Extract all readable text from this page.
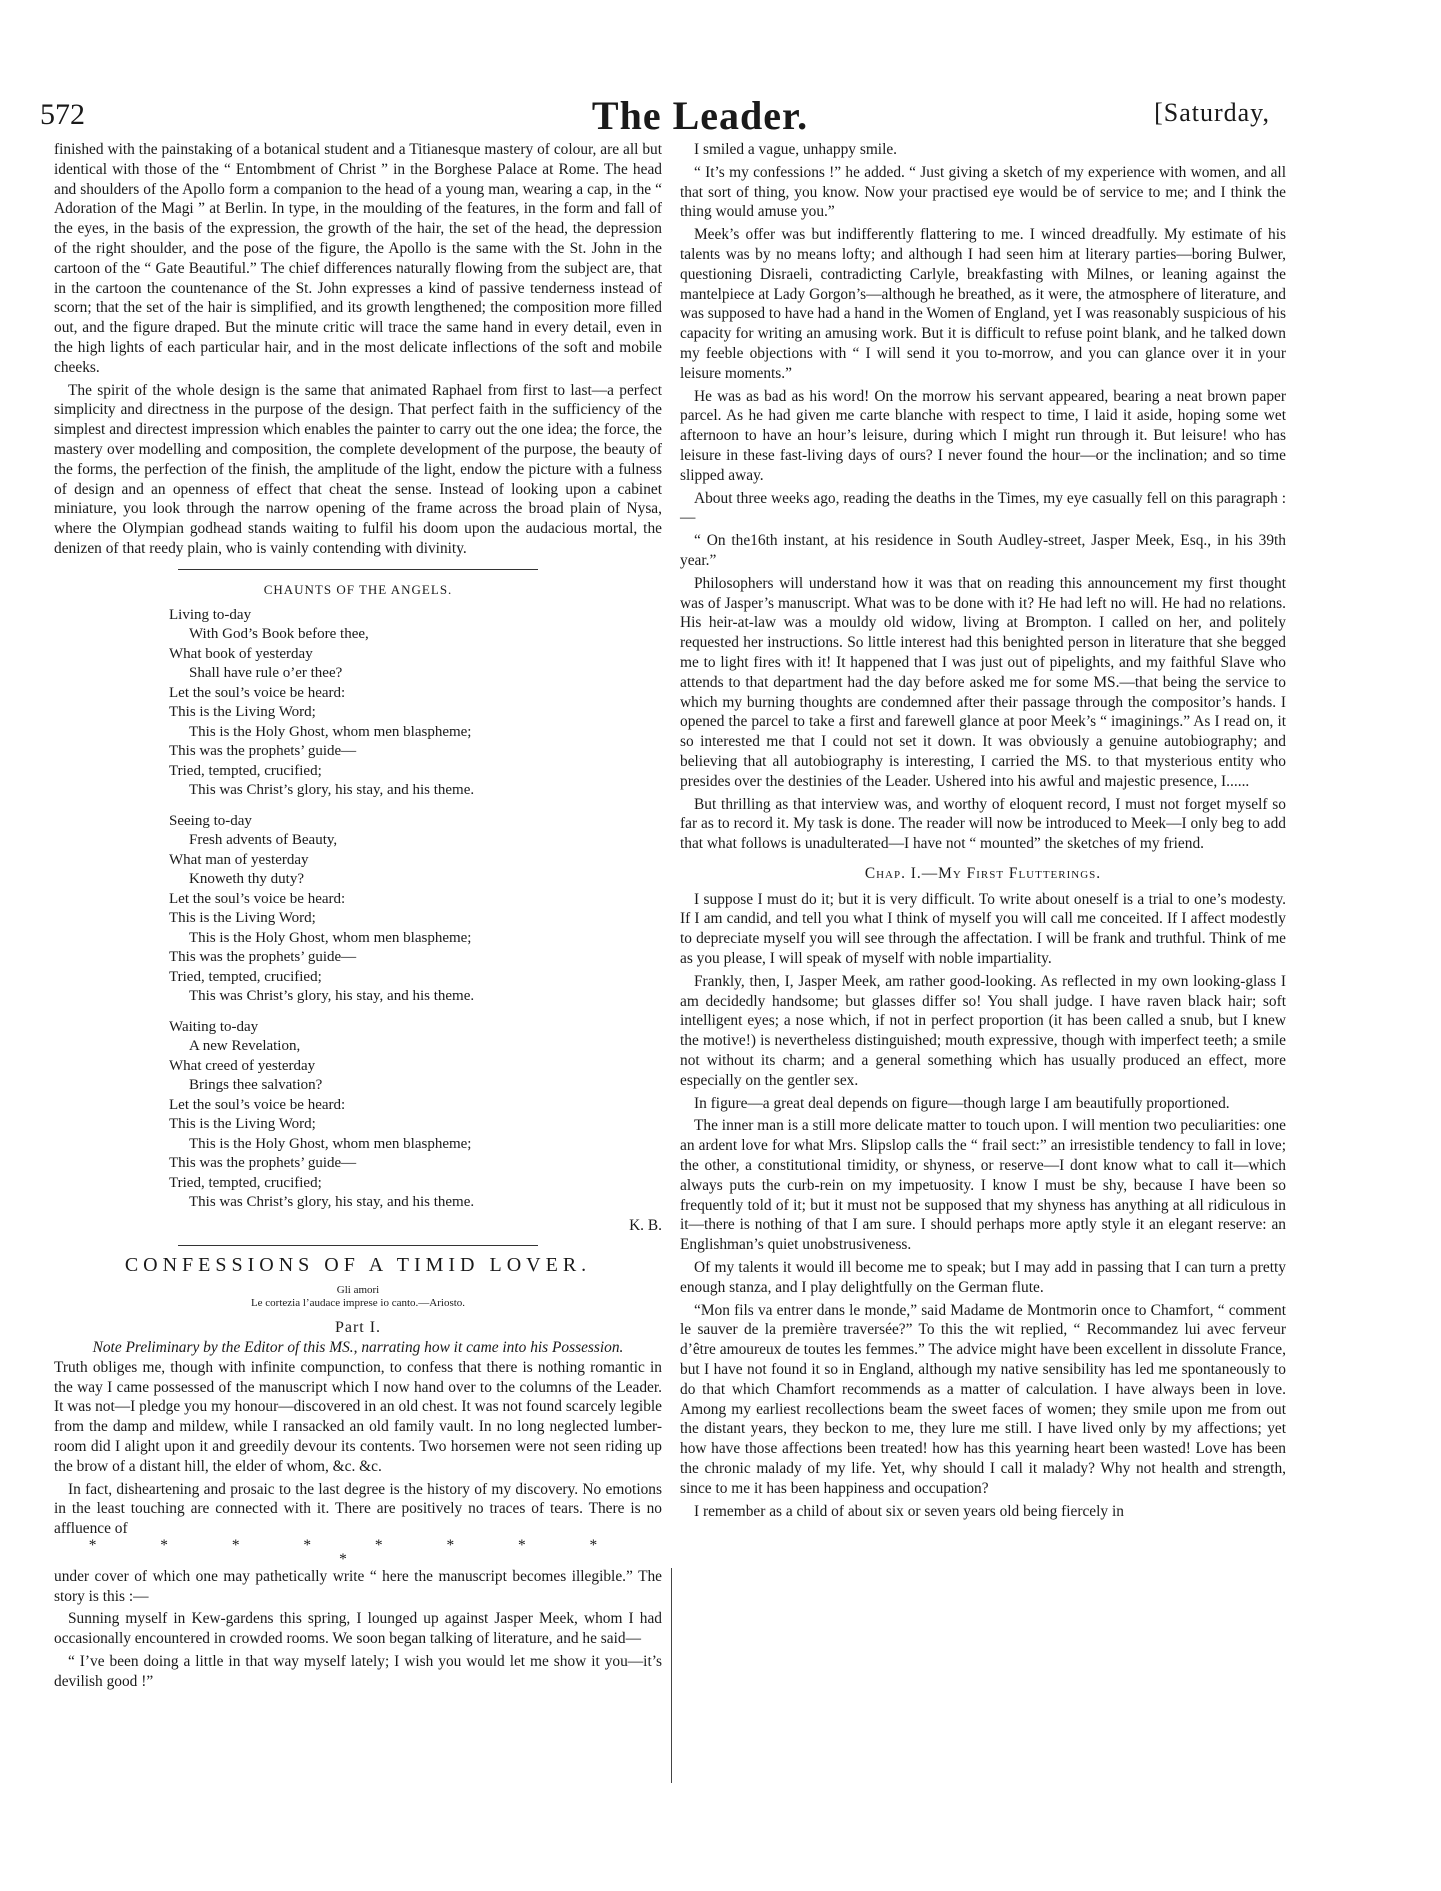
572	The Leader.	[Saturday,

finished with the painstaking of a botanical student and a Titianesque mastery of colour, are all but identical with those of the “ Entombment of Christ ” in the Borghese Palace at Rome. The head and shoulders of the Apollo form a companion to the head of a young man, wearing a cap, in the “ Adoration of the Magi ” at Berlin. In type, in the moulding of the features, in the form and fall of the eyes, in the basis of the expression, the growth of the hair, the set of the head, the depression of the right shoulder, and the pose of the figure, the Apollo is the same with the St. John in the cartoon of the “ Gate Beautiful.” The chief differences naturally flowing from the subject are, that in the cartoon the countenance of the St. John expresses a kind of passive tenderness instead of scorn; that the set of the hair is simplified, and its growth lengthened; the composition more filled out, and the figure draped. But the minute critic will trace the same hand in every detail, even in the high lights of each particular hair, and in the most delicate inflections of the soft and mobile cheeks.

The spirit of the whole design is the same that animated Raphael from first to last—a perfect simplicity and directness in the purpose of the design. That perfect faith in the sufficiency of the simplest and directest impression which enables the painter to carry out the one idea; the force, the mastery over modelling and composition, the complete development of the purpose, the beauty of the forms, the perfection of the finish, the amplitude of the light, endow the picture with a fulness of design and an openness of effect that cheat the sense. Instead of looking upon a cabinet miniature, you look through the narrow opening of the frame across the broad plain of Nysa, where the Olympian godhead stands waiting to fulfil his doom upon the audacious mortal, the denizen of that reedy plain, who is vainly contending with divinity.

CHAUNTS OF THE ANGELS.
Living to-day
With God’s Book before thee,
What book of yesterday
Shall have rule o’er thee?
Let the soul’s voice be heard:
This is the Living Word;
This is the Holy Ghost, whom men blaspheme;
This was the prophets’ guide—
Tried, tempted, crucified;
This was Christ’s glory, his stay, and his theme.
Seeing to-day
Fresh advents of Beauty,
What man of yesterday
Knoweth thy duty?
Let the soul’s voice be heard:
This is the Living Word;
This is the Holy Ghost, whom men blaspheme;
This was the prophets’ guide—
Tried, tempted, crucified;
This was Christ’s glory, his stay, and his theme.
Waiting to-day
A new Revelation,
What creed of yesterday
Brings thee salvation?
Let the soul’s voice be heard:
This is the Living Word;
This is the Holy Ghost, whom men blaspheme;
This was the prophets’ guide—
Tried, tempted, crucified;
This was Christ’s glory, his stay, and his theme.
K. B.
CONFESSIONS OF A TIMID LOVER.
Gli amori
Le cortezia l’audace imprese io canto.—Ariosto.
Part I.
Note Preliminary by the Editor of this MS., narrating how it came into his Possession.

Truth obliges me, though with infinite compunction, to confess that there is nothing romantic in the way I came possessed of the manuscript which I now hand over to the columns of the Leader. It was not—I pledge you my honour—discovered in an old chest. It was not found scarcely legible from the damp and mildew, while I ransacked an old family vault. In no long neglected lumber-room did I alight upon it and greedily devour its contents. Two horsemen were not seen riding up the brow of a distant hill, the elder of whom, &c. &c.

In fact, disheartening and prosaic to the last degree is the history of my discovery. No emotions in the least touching are connected with it. There are positively no traces of tears. There is no affluence of

* * * * * * * * *

under cover of which one may pathetically write “ here the manuscript becomes illegible.” The story is this :—

Sunning myself in Kew-gardens this spring, I lounged up against Jasper Meek, whom I had occasionally encountered in crowded rooms. We soon began talking of literature, and he said—

“ I’ve been doing a little in that way myself lately; I wish you would let me show it you—it’s devilish good !”

I smiled a vague, unhappy smile.

“ It’s my confessions !” he added. “ Just giving a sketch of my experience with women, and all that sort of thing, you know. Now your practised eye would be of service to me; and I think the thing would amuse you.”

Meek’s offer was but indifferently flattering to me. I winced dreadfully. My estimate of his talents was by no means lofty; and although I had seen him at literary parties—boring Bulwer, questioning Disraeli, contradicting Carlyle, breakfasting with Milnes, or leaning against the mantelpiece at Lady Gorgon’s—although he breathed, as it were, the atmosphere of literature, and was supposed to have had a hand in the Women of England, yet I was reasonably suspicious of his capacity for writing an amusing work. But it is difficult to refuse point blank, and he talked down my feeble objections with “ I will send it you to-morrow, and you can glance over it in your leisure moments.”

He was as bad as his word! On the morrow his servant appeared, bearing a neat brown paper parcel. As he had given me carte blanche with respect to time, I laid it aside, hoping some wet afternoon to have an hour’s leisure, during which I might run through it. But leisure! who has leisure in these fast-living days of ours? I never found the hour—or the inclination; and so time slipped away.

About three weeks ago, reading the deaths in the Times, my eye casually fell on this paragraph :—

“ On the16th instant, at his residence in South Audley-street, Jasper Meek, Esq., in his 39th year.”

Philosophers will understand how it was that on reading this announcement my first thought was of Jasper’s manuscript. What was to be done with it? He had left no will. He had no relations. His heir-at-law was a mouldy old widow, living at Brompton. I called on her, and politely requested her instructions. So little interest had this benighted person in literature that she begged me to light fires with it! It happened that I was just out of pipelights, and my faithful Slave who attends to that department had the day before asked me for some MS.—that being the service to which my burning thoughts are condemned after their passage through the compositor’s hands. I opened the parcel to take a first and farewell glance at poor Meek’s “ imaginings.” As I read on, it so interested me that I could not set it down. It was obviously a genuine autobiography; and believing that all autobiography is interesting, I carried the MS. to that mysterious entity who presides over the destinies of the Leader. Ushered into his awful and majestic presence, I......

But thrilling as that interview was, and worthy of eloquent record, I must not forget myself so far as to record it. My task is done. The reader will now be introduced to Meek—I only beg to add that what follows is unadulterated—I have not “ mounted” the sketches of my friend.

Chap. I.—My First Flutterings.

I suppose I must do it; but it is very difficult. To write about oneself is a trial to one’s modesty. If I am candid, and tell you what I think of myself you will call me conceited. If I affect modestly to depreciate myself you will see through the affectation. I will be frank and truthful. Think of me as you please, I will speak of myself with noble impartiality.

Frankly, then, I, Jasper Meek, am rather good-looking. As reflected in my own looking-glass I am decidedly handsome; but glasses differ so! You shall judge. I have raven black hair; soft intelligent eyes; a nose which, if not in perfect proportion (it has been called a snub, but I knew the motive!) is nevertheless distinguished; mouth expressive, though with imperfect teeth; a smile not without its charm; and a general something which has usually produced an effect, more especially on the gentler sex.

In figure—a great deal depends on figure—though large I am beautifully proportioned.

The inner man is a still more delicate matter to touch upon. I will mention two peculiarities: one an ardent love for what Mrs. Slipslop calls the “ frail sect:” an irresistible tendency to fall in love; the other, a constitutional timidity, or shyness, or reserve—I dont know what to call it—which always puts the curb-rein on my impetuosity. I know I must be shy, because I have been so frequently told of it; but it must not be supposed that my shyness has anything at all ridiculous in it—there is nothing of that I am sure. I should perhaps more aptly style it an elegant reserve: an Englishman’s quiet unobstrusiveness.

Of my talents it would ill become me to speak; but I may add in passing that I can turn a pretty enough stanza, and I play delightfully on the German flute.

“Mon fils va entrer dans le monde,” said Madame de Montmorin once to Chamfort, “ comment le sauver de la première traversée?” To this the wit replied, “ Recommandez lui avec ferveur d’être amoureux de toutes les femmes.” The advice might have been excellent in dissolute France, but I have not found it so in England, although my native sensibility has led me spontaneously to do that which Chamfort recommends as a matter of calculation. I have always been in love. Among my earliest recollections beam the sweet faces of women; they smile upon me from out the distant years, they beckon to me, they lure me still. I have lived only by my affections; yet how have those affections been treated! how has this yearning heart been wasted! Love has been the chronic malady of my life. Yet, why should I call it malady? Why not health and strength, since to me it has been happiness and occupation?

I remember as a child of about six or seven years old being fiercely in
